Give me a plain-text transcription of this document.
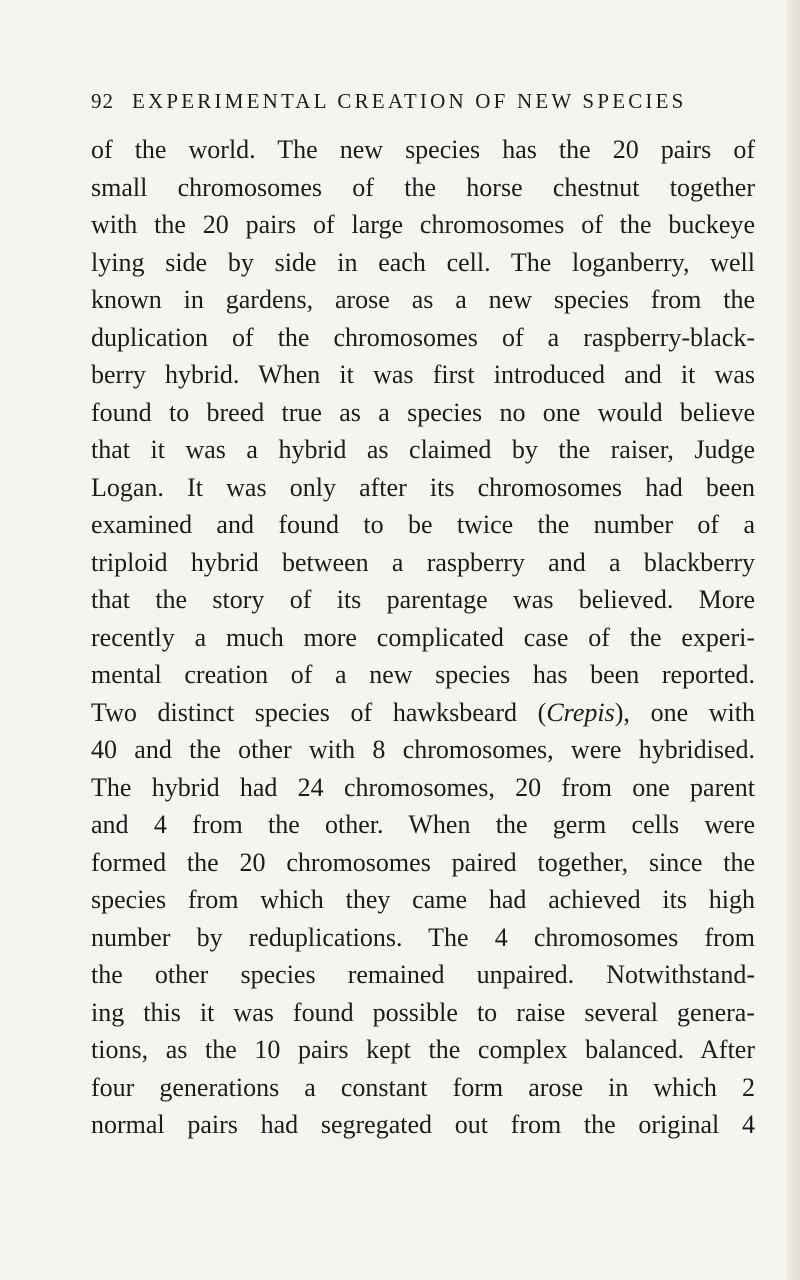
92 EXPERIMENTAL CREATION OF NEW SPECIES
of the world. The new species has the 20 pairs of
small chromosomes of the horse chestnut together
with the 20 pairs of large chromosomes of the buckeye
lying side by side in each cell. The loganberry, well
known in gardens, arose as a new species from the
duplication of the chromosomes of a raspberry-black-
berry hybrid. When it was first introduced and it was
found to breed true as a species no one would believe
that it was a hybrid as claimed by the raiser, Judge
Logan. It was only after its chromosomes had been
examined and found to be twice the number of a
triploid hybrid between a raspberry and a blackberry
that the story of its parentage was believed. More
recently a much more complicated case of the experi-
mental creation of a new species has been reported.
Two distinct species of hawksbeard (Crepis), one with
40 and the other with 8 chromosomes, were hybridised.
The hybrid had 24 chromosomes, 20 from one parent
and 4 from the other. When the germ cells were
formed the 20 chromosomes paired together, since the
species from which they came had achieved its high
number by reduplications. The 4 chromosomes from
the other species remained unpaired. Notwithstand-
ing this it was found possible to raise several genera-
tions, as the 10 pairs kept the complex balanced. After
four generations a constant form arose in which 2
normal pairs had segregated out from the original 4
